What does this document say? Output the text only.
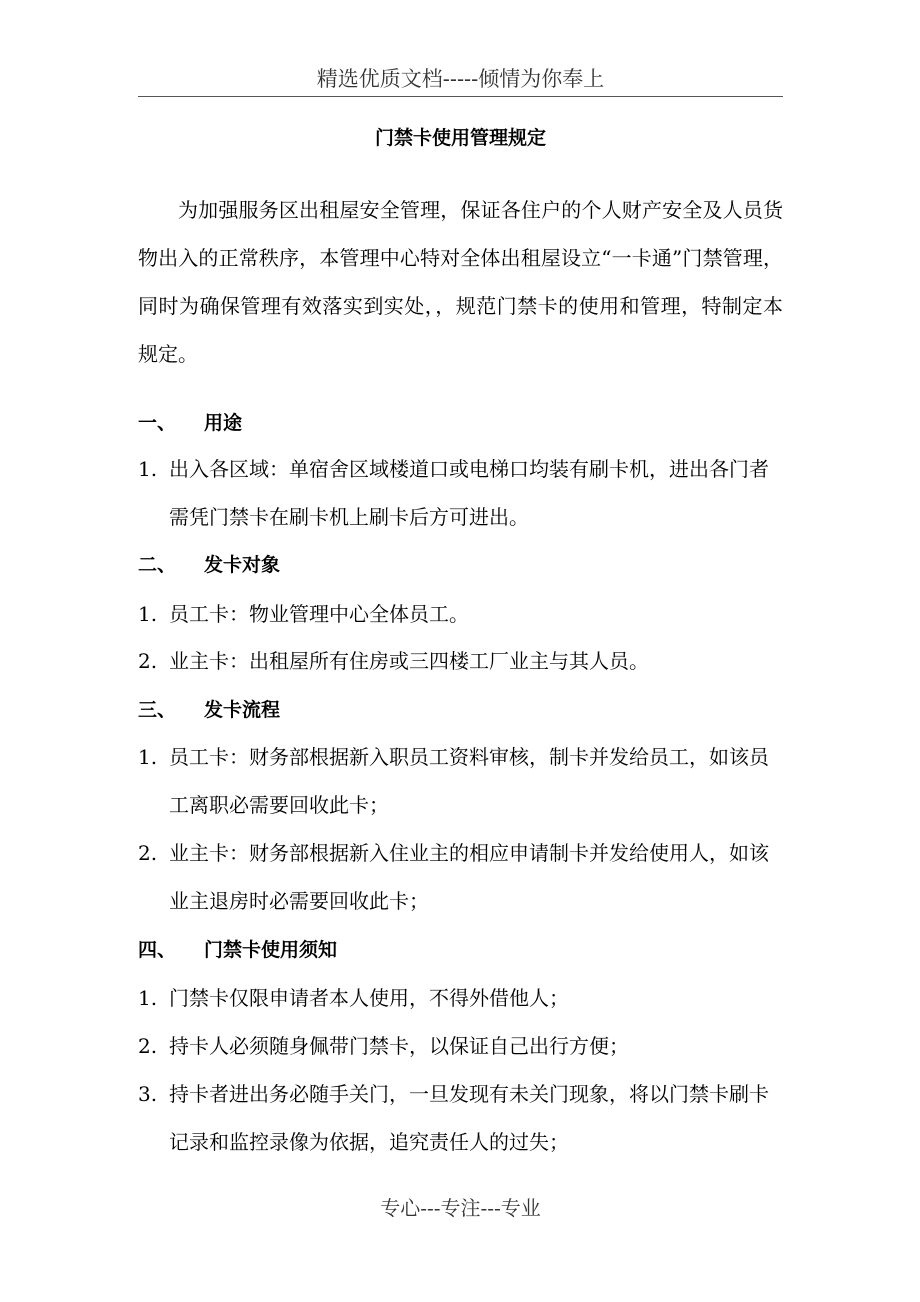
精选优质文档-----倾情为你奉上
门禁卡使用管理规定
为加强服务区出租屋安全管理，保证各住户的个人财产安全及人员货物出入的正常秩序，本管理中心特对全体出租屋设立“一卡通”门禁管理，同时为确保管理有效落实到实处，，规范门禁卡的使用和管理，特制定本规定。
一、 用途
1. 出入各区域：单宿舍区域楼道口或电梯口均装有刷卡机，进出各门者需凭门禁卡在刷卡机上刷卡后方可进出。
二、 发卡对象
1. 员工卡：物业管理中心全体员工。
2. 业主卡：出租屋所有住房或三四楼工厂业主与其人员。
三、 发卡流程
1. 员工卡：财务部根据新入职员工资料审核，制卡并发给员工，如该员工离职必需要回收此卡；
2. 业主卡：财务部根据新入住业主的相应申请制卡并发给使用人，如该业主退房时必需要回收此卡；
四、 门禁卡使用须知
1. 门禁卡仅限申请者本人使用，不得外借他人；
2. 持卡人必须随身佩带门禁卡，以保证自己出行方便；
3. 持卡者进出务必随手关门，一旦发现有未关门现象，将以门禁卡刷卡记录和监控录像为依据，追究责任人的过失；
专心---专注---专业
